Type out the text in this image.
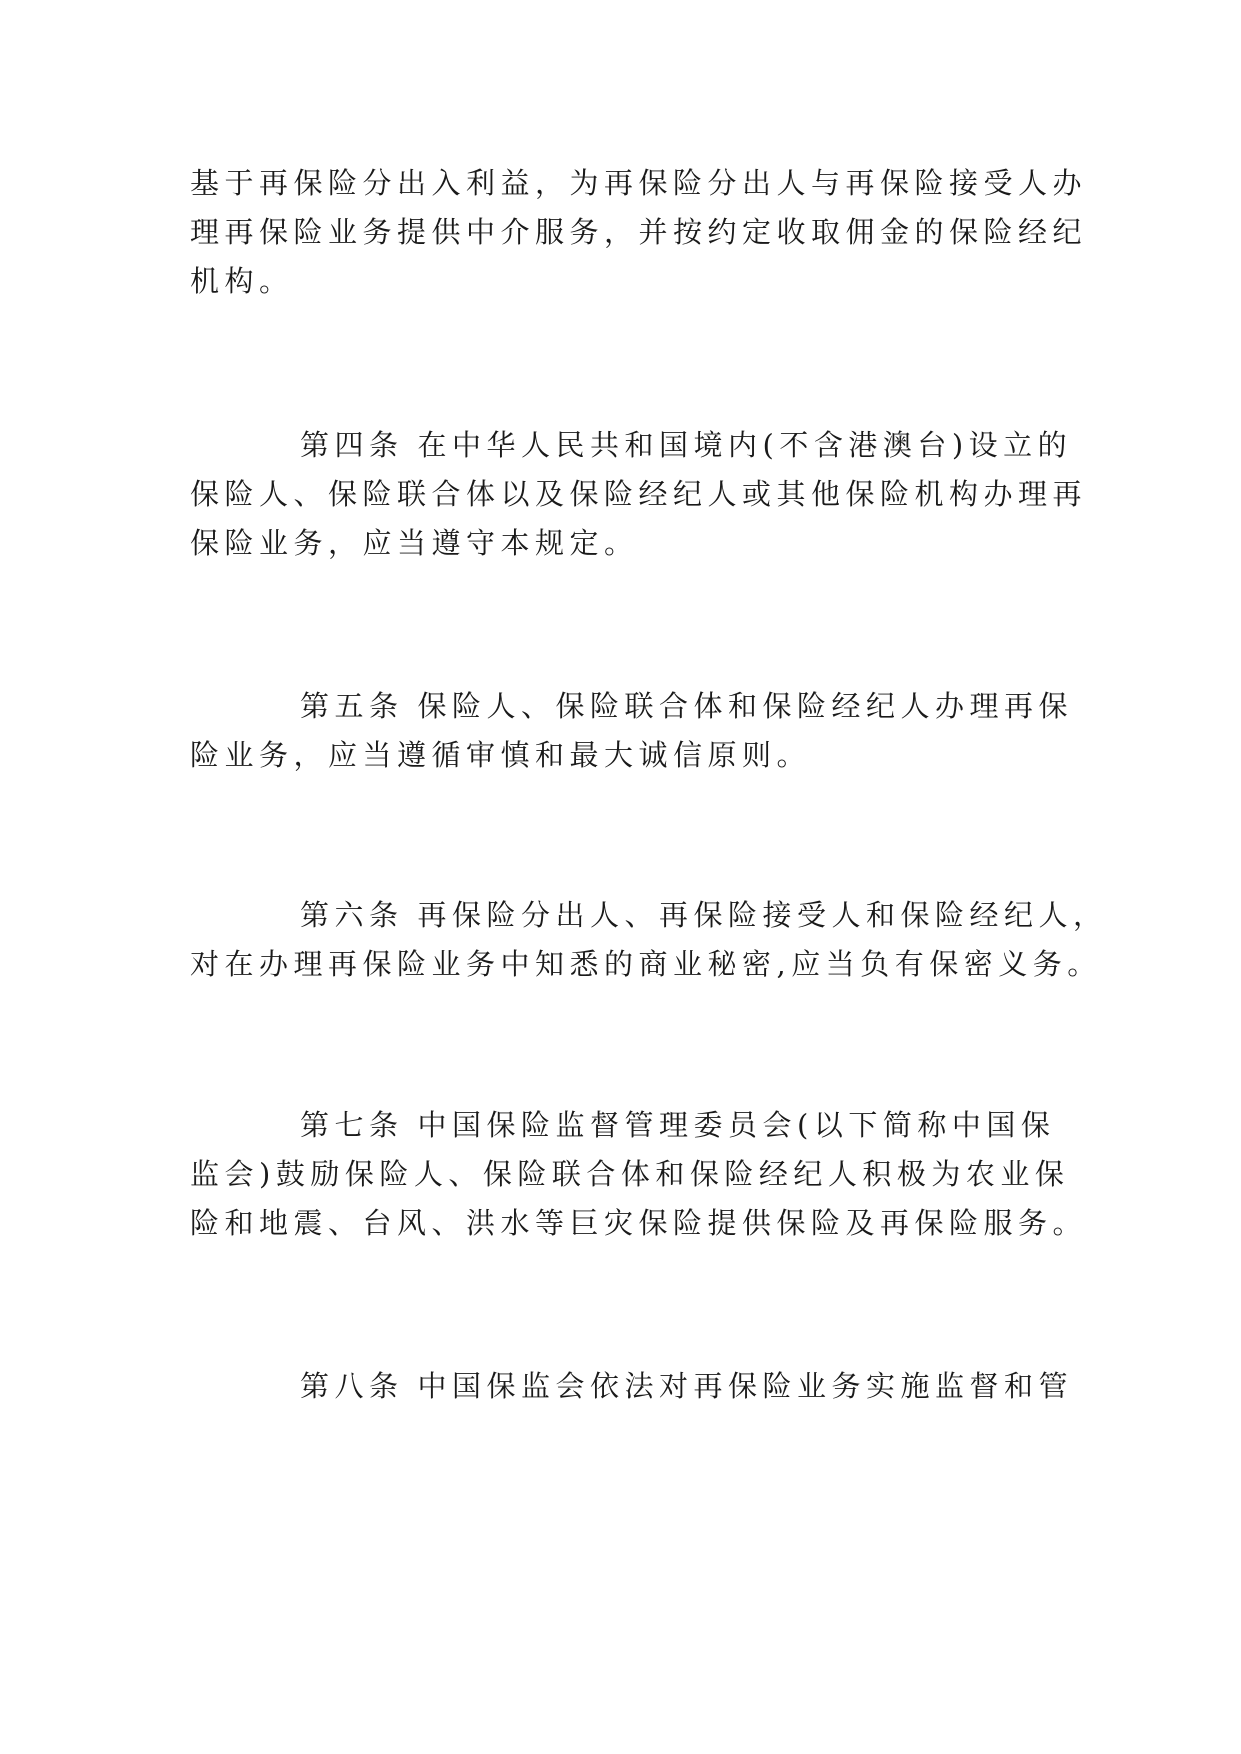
基于再保险分出入利益，为再保险分出人与再保险接受人办
理再保险业务提供中介服务，并按约定收取佣金的保险经纪
机构。
第四条 在中华人民共和国境内(不含港澳台)设立的
保险人、保险联合体以及保险经纪人或其他保险机构办理再
保险业务，应当遵守本规定。
第五条 保险人、保险联合体和保险经纪人办理再保
险业务，应当遵循审慎和最大诚信原则。
第六条 再保险分出人、再保险接受人和保险经纪人，
对在办理再保险业务中知悉的商业秘密,应当负有保密义务。
第七条 中国保险监督管理委员会(以下简称中国保
监会)鼓励保险人、保险联合体和保险经纪人积极为农业保
险和地震、台风、洪水等巨灾保险提供保险及再保险服务。
第八条 中国保监会依法对再保险业务实施监督和管
